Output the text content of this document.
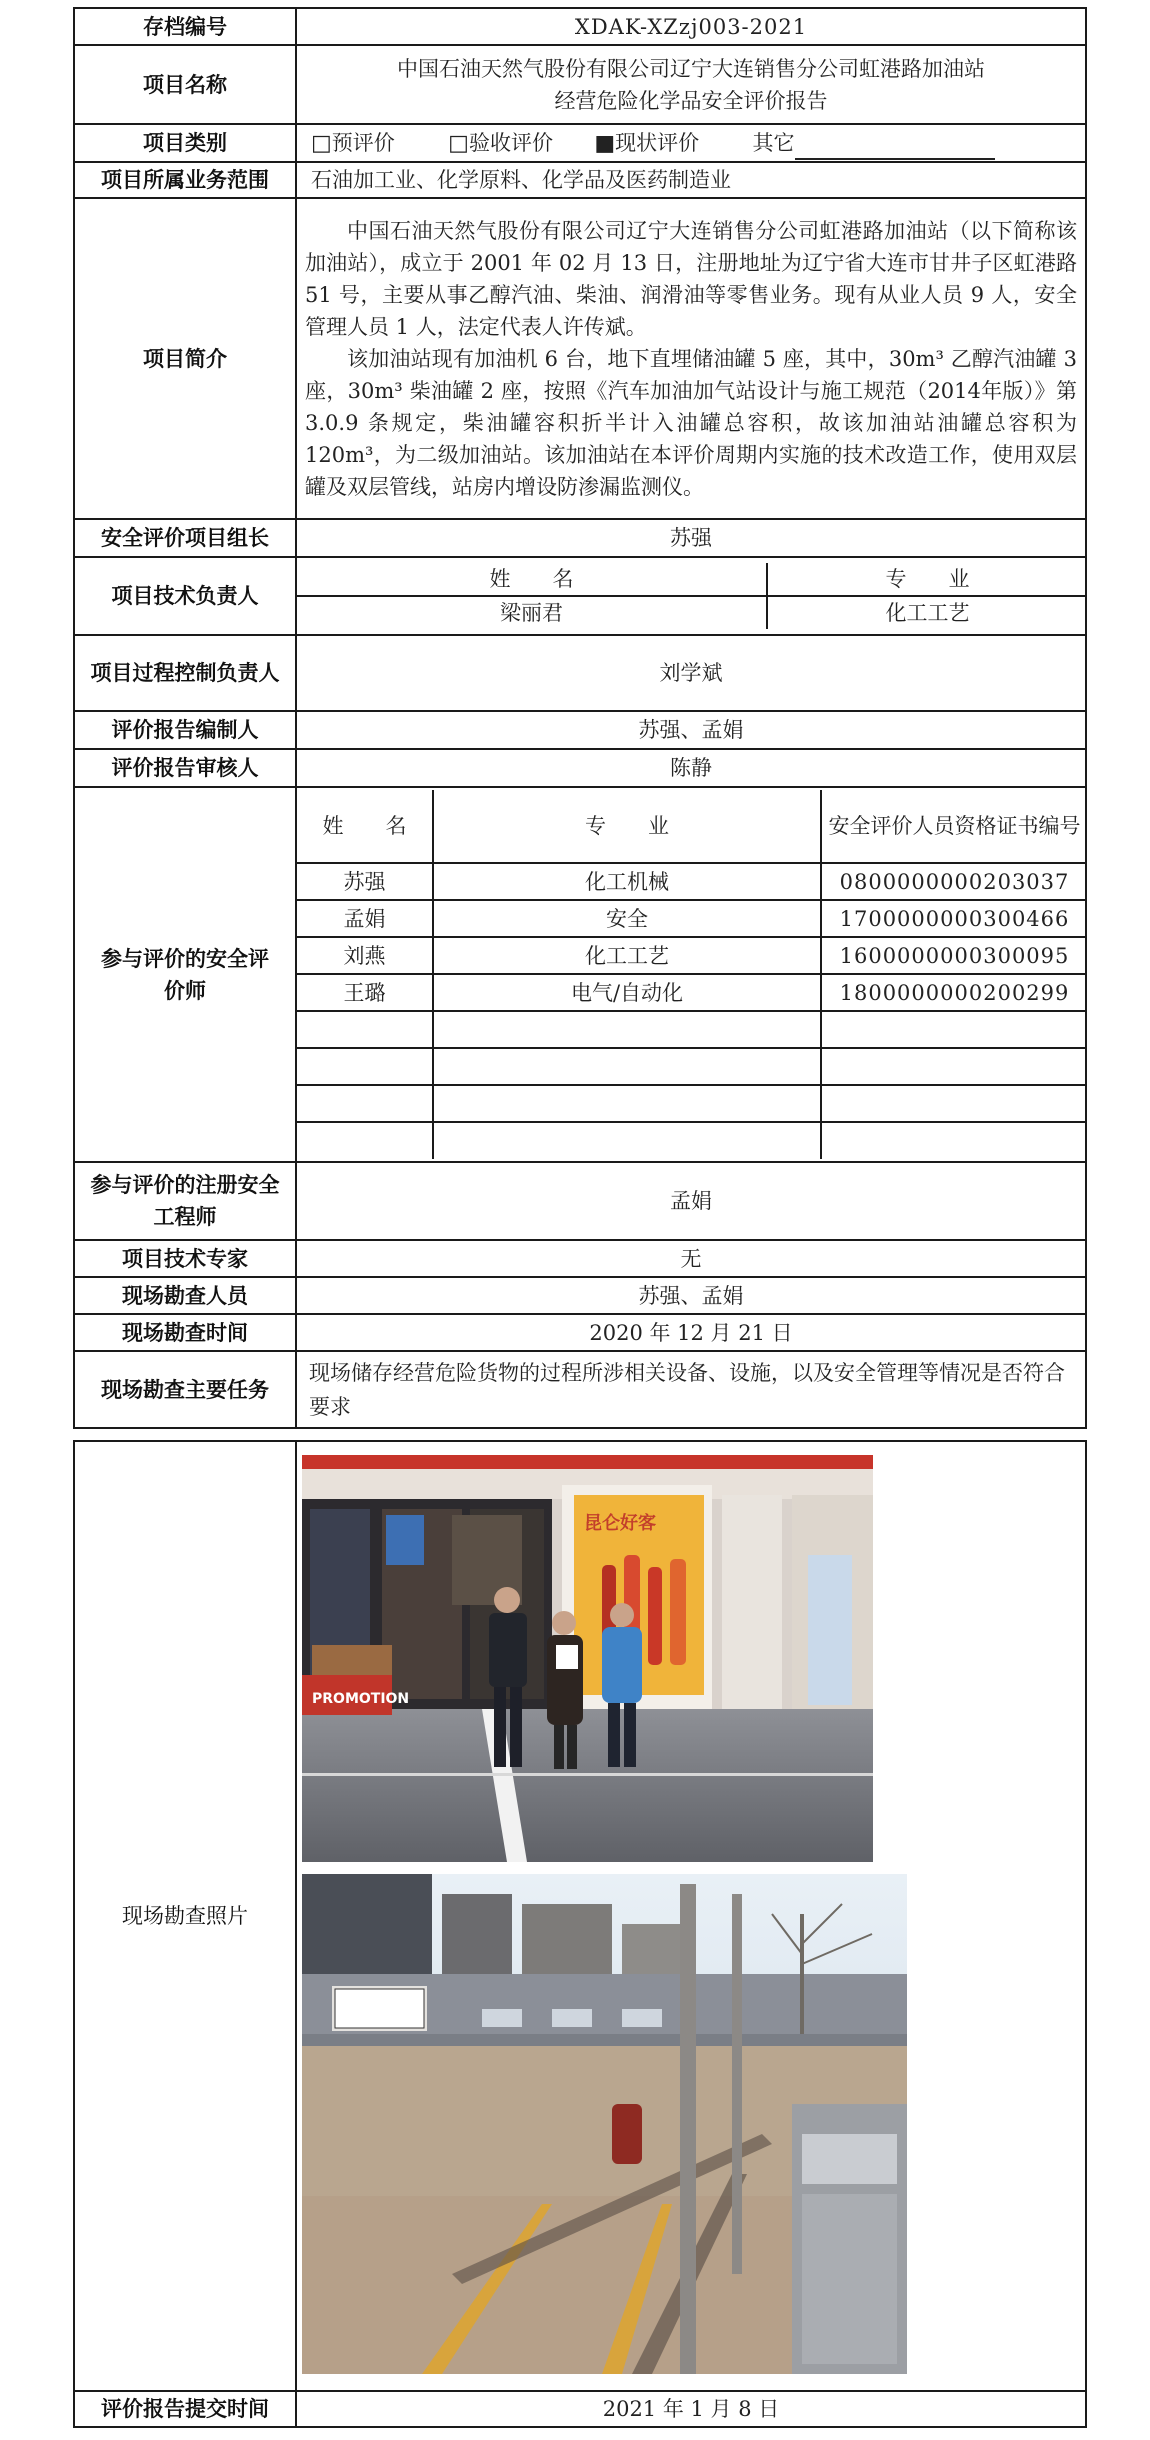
存档编号	XDAK-XZzj003-2021
项目名称	
中国石油天然气股份有限公司辽宁大连销售分公司虹港路加油站
经营危险化学品安全评价报告

项目类别	□预评价 □验收评价 ■现状评价	其它
项目所属业务范围	石油加工业、化学原料、化学品及医药制造业
项目简介	
中国石油天然气股份有限公司辽宁大连销售分公司虹港路加油站（以下简称该加油站），成立于 2001 年 02 月 13 日，注册地址为辽宁省大连市甘井子区虹港路 51 号，主要从事乙醇汽油、柴油、润滑油等零售业务。现有从业人员 9 人，安全管理人员 1 人，法定代表人许传斌。
该加油站现有加油机 6 台，地下直埋储油罐 5 座，其中，30m³ 乙醇汽油罐 3 座，30m³ 柴油罐 2 座，按照《汽车加油加气站设计与施工规范（2014年版）》第 3.0.9 条规定，柴油罐容积折半计入油罐总容积，故该加油站油罐总容积为 120m³，为二级加油站。该加油站在本评价周期内实施的技术改造工作，使用双层罐及双层管线，站房内增设防渗漏监测仪。

安全评价项目组长	苏强
项目技术负责人	
姓　　名	专　　业
梁丽君	化工工艺

项目过程控制负责人	刘学斌
评价报告编制人	苏强、孟娟
评价报告审核人	陈静
参与评价的安全评价师	
姓　　名	专　　业	安全评价人员资格证书编号
苏强	化工机械	0800000000203037
孟娟	安全	1700000000300466
刘燕	化工工艺	1600000000300095
王璐	电气/自动化	1800000000200299

参与评价的注册安全工程师	孟娟
项目技术专家	无
现场勘查人员	苏强、孟娟
现场勘查时间	2020 年 12 月 21 日
现场勘查主要任务	现场储存经营危险货物的过程所涉相关设备、设施，以及安全管理等情况是否符合要求
现场勘查照片	
评价报告提交时间	2021 年 1 月 8 日
昆仑好客
PROMOTION
